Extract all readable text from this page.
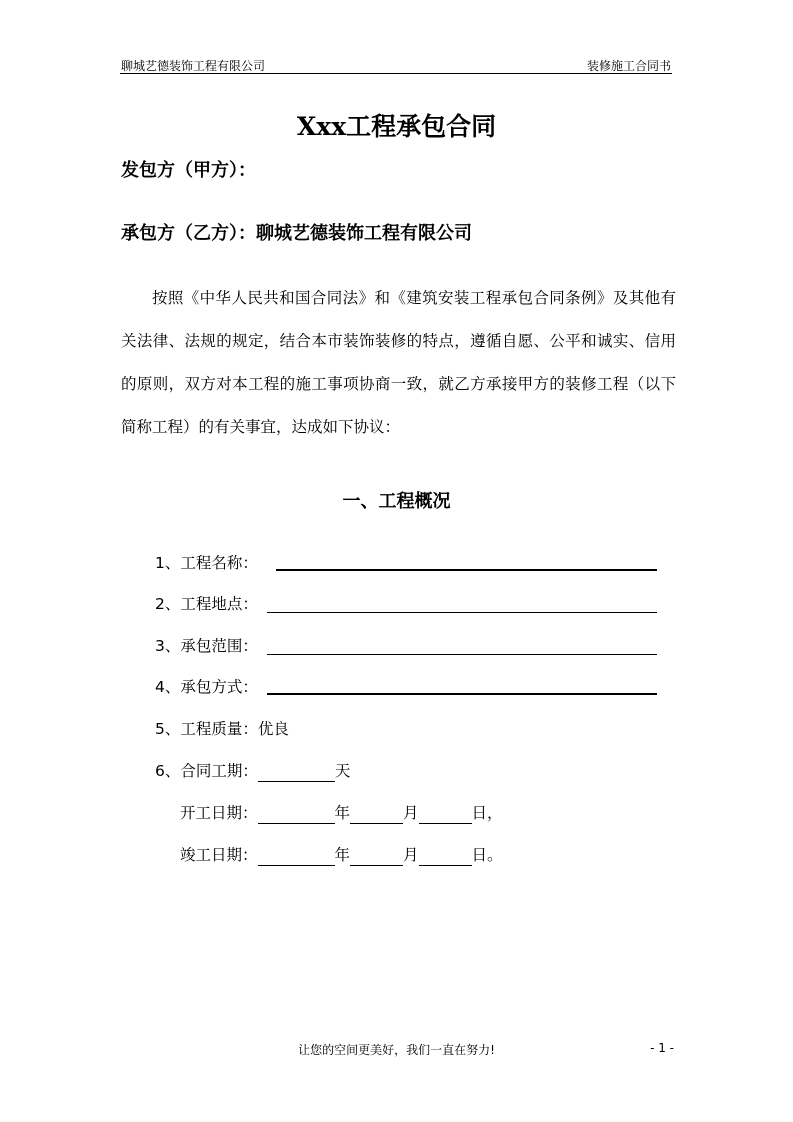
聊城艺德装饰工程有限公司	装修施工合同书
Xxx工程承包合同
发包方（甲方）：
承包方（乙方）：聊城艺德装饰工程有限公司
按照《中华人民共和国合同法》和《建筑安装工程承包合同条例》及其他有关法律、法规的规定，结合本市装饰装修的特点，遵循自愿、公平和诚实、信用的原则，双方对本工程的施工事项协商一致，就乙方承接甲方的装修工程（以下简称工程）的有关事宜，达成如下协议：
一、工程概况
1、工程名称：
2、工程地点：
3、承包范围：
4、承包方式：
5、工程质量：优良
6、合同工期：	天
开工日期：	年	月	日，
竣工日期：	年	月	日。
让您的空间更美好，我们一直在努力!	- 1 -
